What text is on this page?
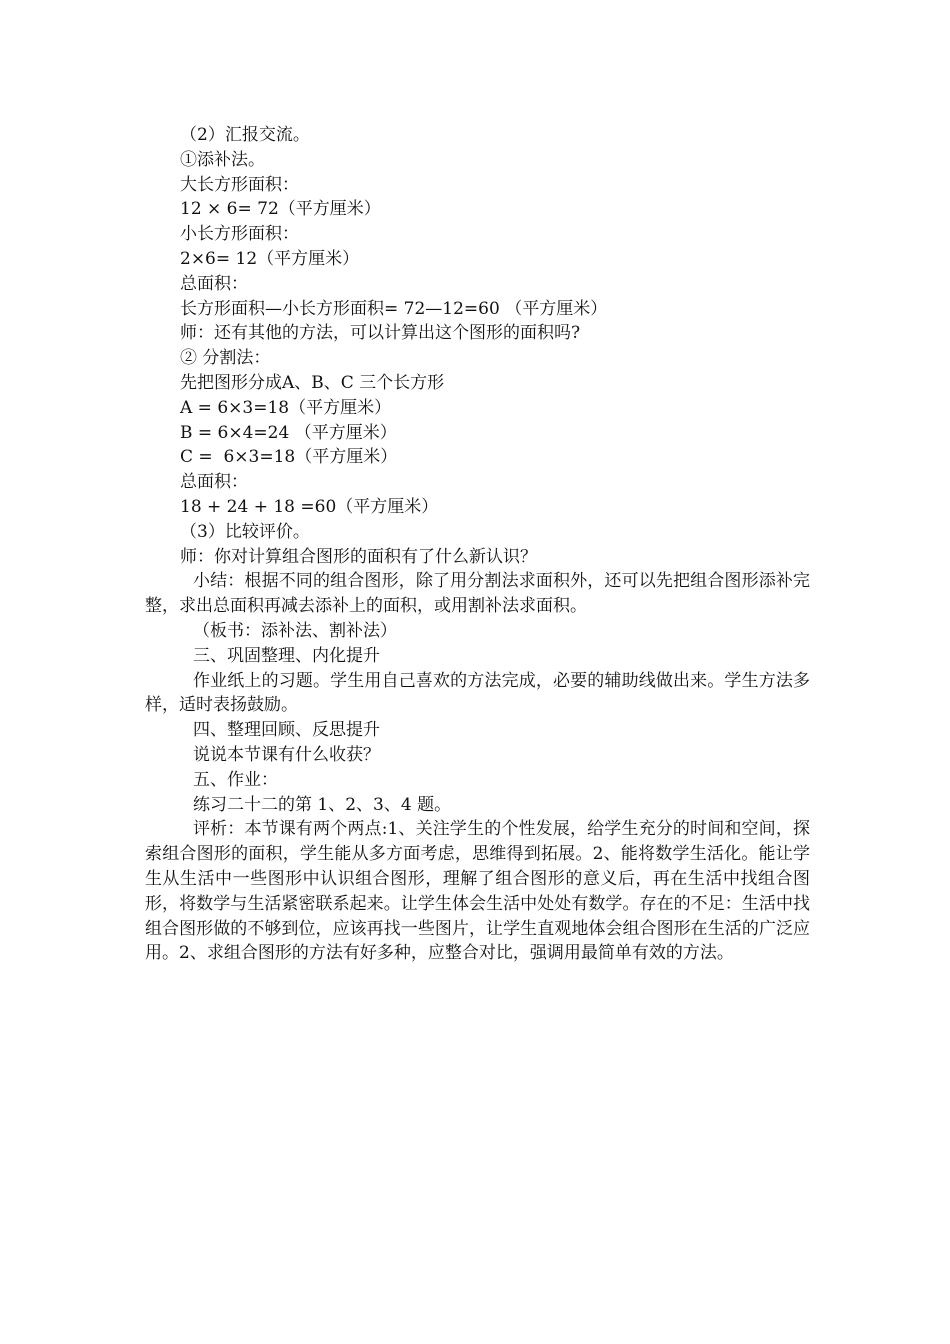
（2）汇报交流。

①添补法。

大长方形面积：

12 × 6= 72（平方厘米）

小长方形面积：

2×6= 12（平方厘米）

总面积：

长方形面积—小长方形面积= 72—12=60 （平方厘米）

师：还有其他的方法，可以计算出这个图形的面积吗?

② 分割法：

先把图形分成A、B、C 三个长方形

A = 6×3=18（平方厘米）

B = 6×4=24 （平方厘米）

C =  6×3=18（平方厘米）

总面积：

18 + 24 + 18 =60（平方厘米）

（3）比较评价。

师：你对计算组合图形的面积有了什么新认识？

小结：根据不同的组合图形，除了用分割法求面积外，还可以先把组合图形添补完整，求出总面积再减去添补上的面积，或用割补法求面积。

（板书：添补法、割补法）

三、巩固整理、内化提升

作业纸上的习题。学生用自己喜欢的方法完成，必要的辅助线做出来。学生方法多样，适时表扬鼓励。

四、整理回顾、反思提升

说说本节课有什么收获？

五、作业：

练习二十二的第 1、2、3、4 题。

评析：本节课有两个两点:1、关注学生的个性发展，给学生充分的时间和空间，探索组合图形的面积，学生能从多方面考虑，思维得到拓展。2、能将数学生活化。能让学生从生活中一些图形中认识组合图形，理解了组合图形的意义后，再在生活中找组合图形，将数学与生活紧密联系起来。让学生体会生活中处处有数学。存在的不足：生活中找组合图形做的不够到位，应该再找一些图片，让学生直观地体会组合图形在生活的广泛应用。2、求组合图形的方法有好多种，应整合对比，强调用最简单有效的方法。
